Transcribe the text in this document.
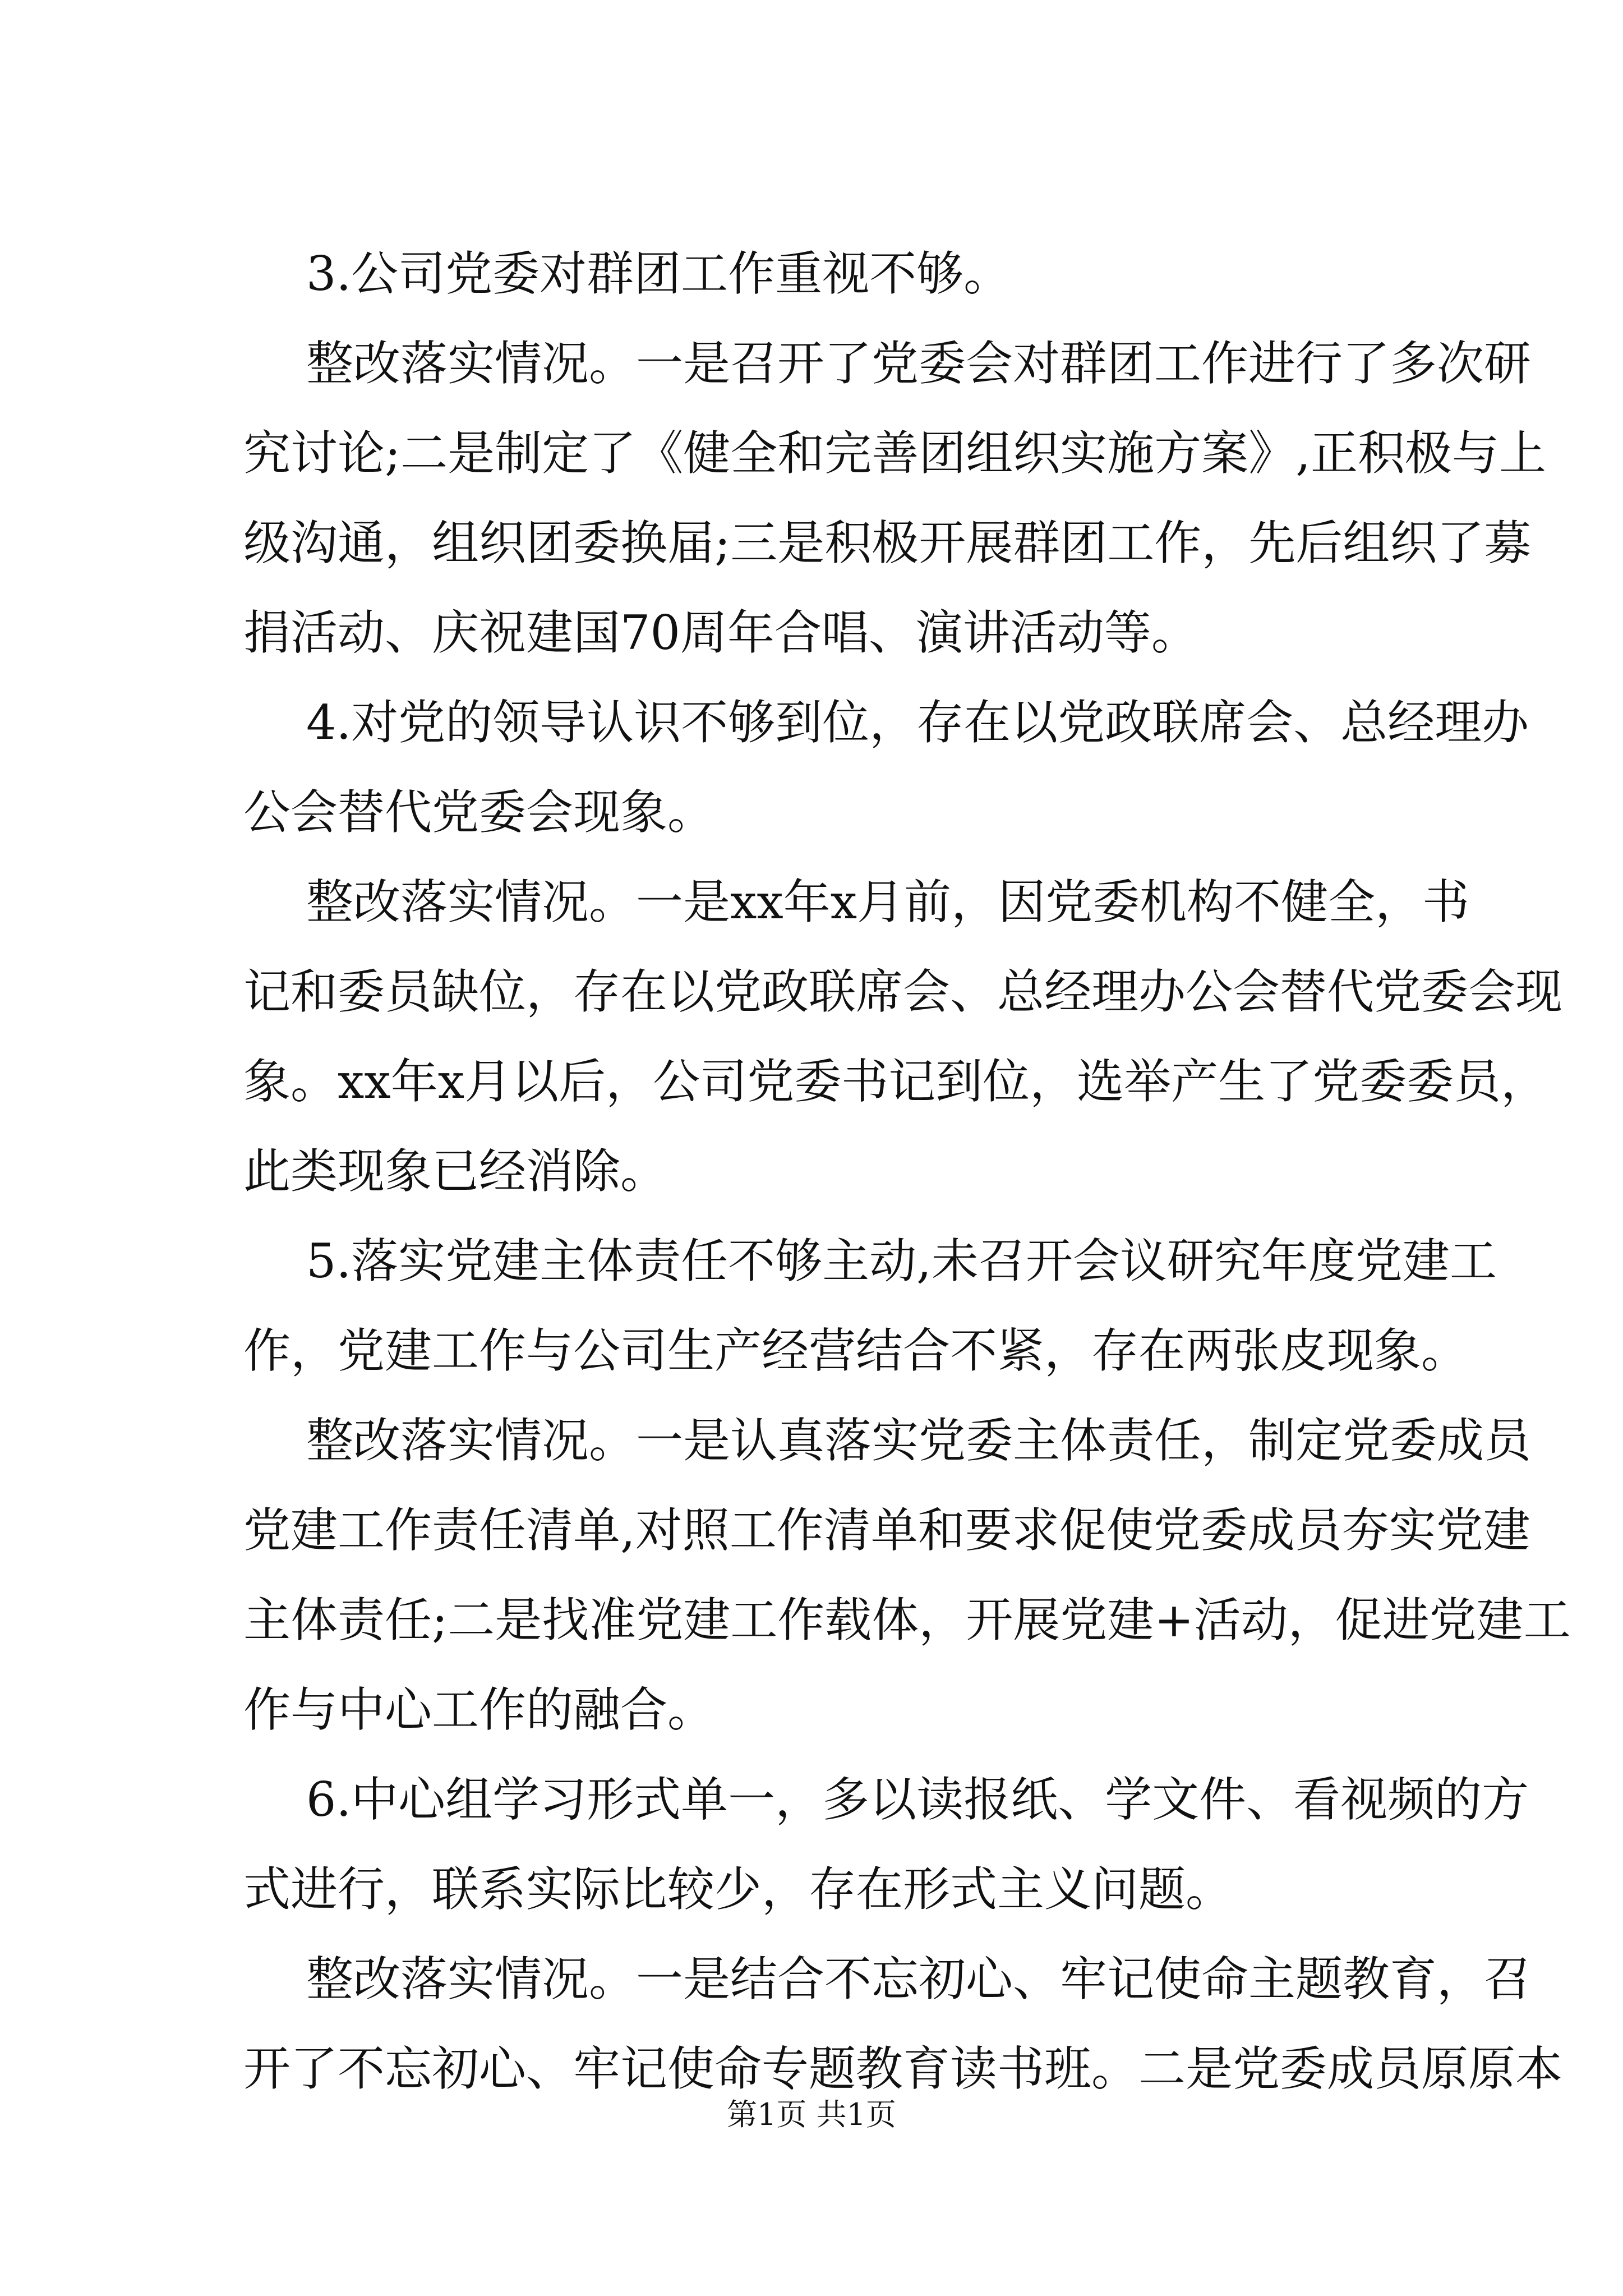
3.公司党委对群团工作重视不够。
整改落实情况。一是召开了党委会对群团工作进行了多次研
究讨论;二是制定了《健全和完善团组织实施方案》,正积极与上
级沟通，组织团委换届;三是积极开展群团工作，先后组织了募
捐活动、庆祝建国70周年合唱、演讲活动等。
4.对党的领导认识不够到位，存在以党政联席会、总经理办
公会替代党委会现象。
整改落实情况。一是xx年x月前，因党委机构不健全，书
记和委员缺位，存在以党政联席会、总经理办公会替代党委会现
象。xx年x月以后，公司党委书记到位，选举产生了党委委员，
此类现象已经消除。
5.落实党建主体责任不够主动,未召开会议研究年度党建工
作，党建工作与公司生产经营结合不紧，存在两张皮现象。
整改落实情况。一是认真落实党委主体责任，制定党委成员
党建工作责任清单,对照工作清单和要求促使党委成员夯实党建
主体责任;二是找准党建工作载体，开展党建+活动，促进党建工
作与中心工作的融合。
6.中心组学习形式单一，多以读报纸、学文件、看视频的方
式进行，联系实际比较少，存在形式主义问题。
整改落实情况。一是结合不忘初心、牢记使命主题教育，召
开了不忘初心、牢记使命专题教育读书班。二是党委成员原原本
第1页 共1页
